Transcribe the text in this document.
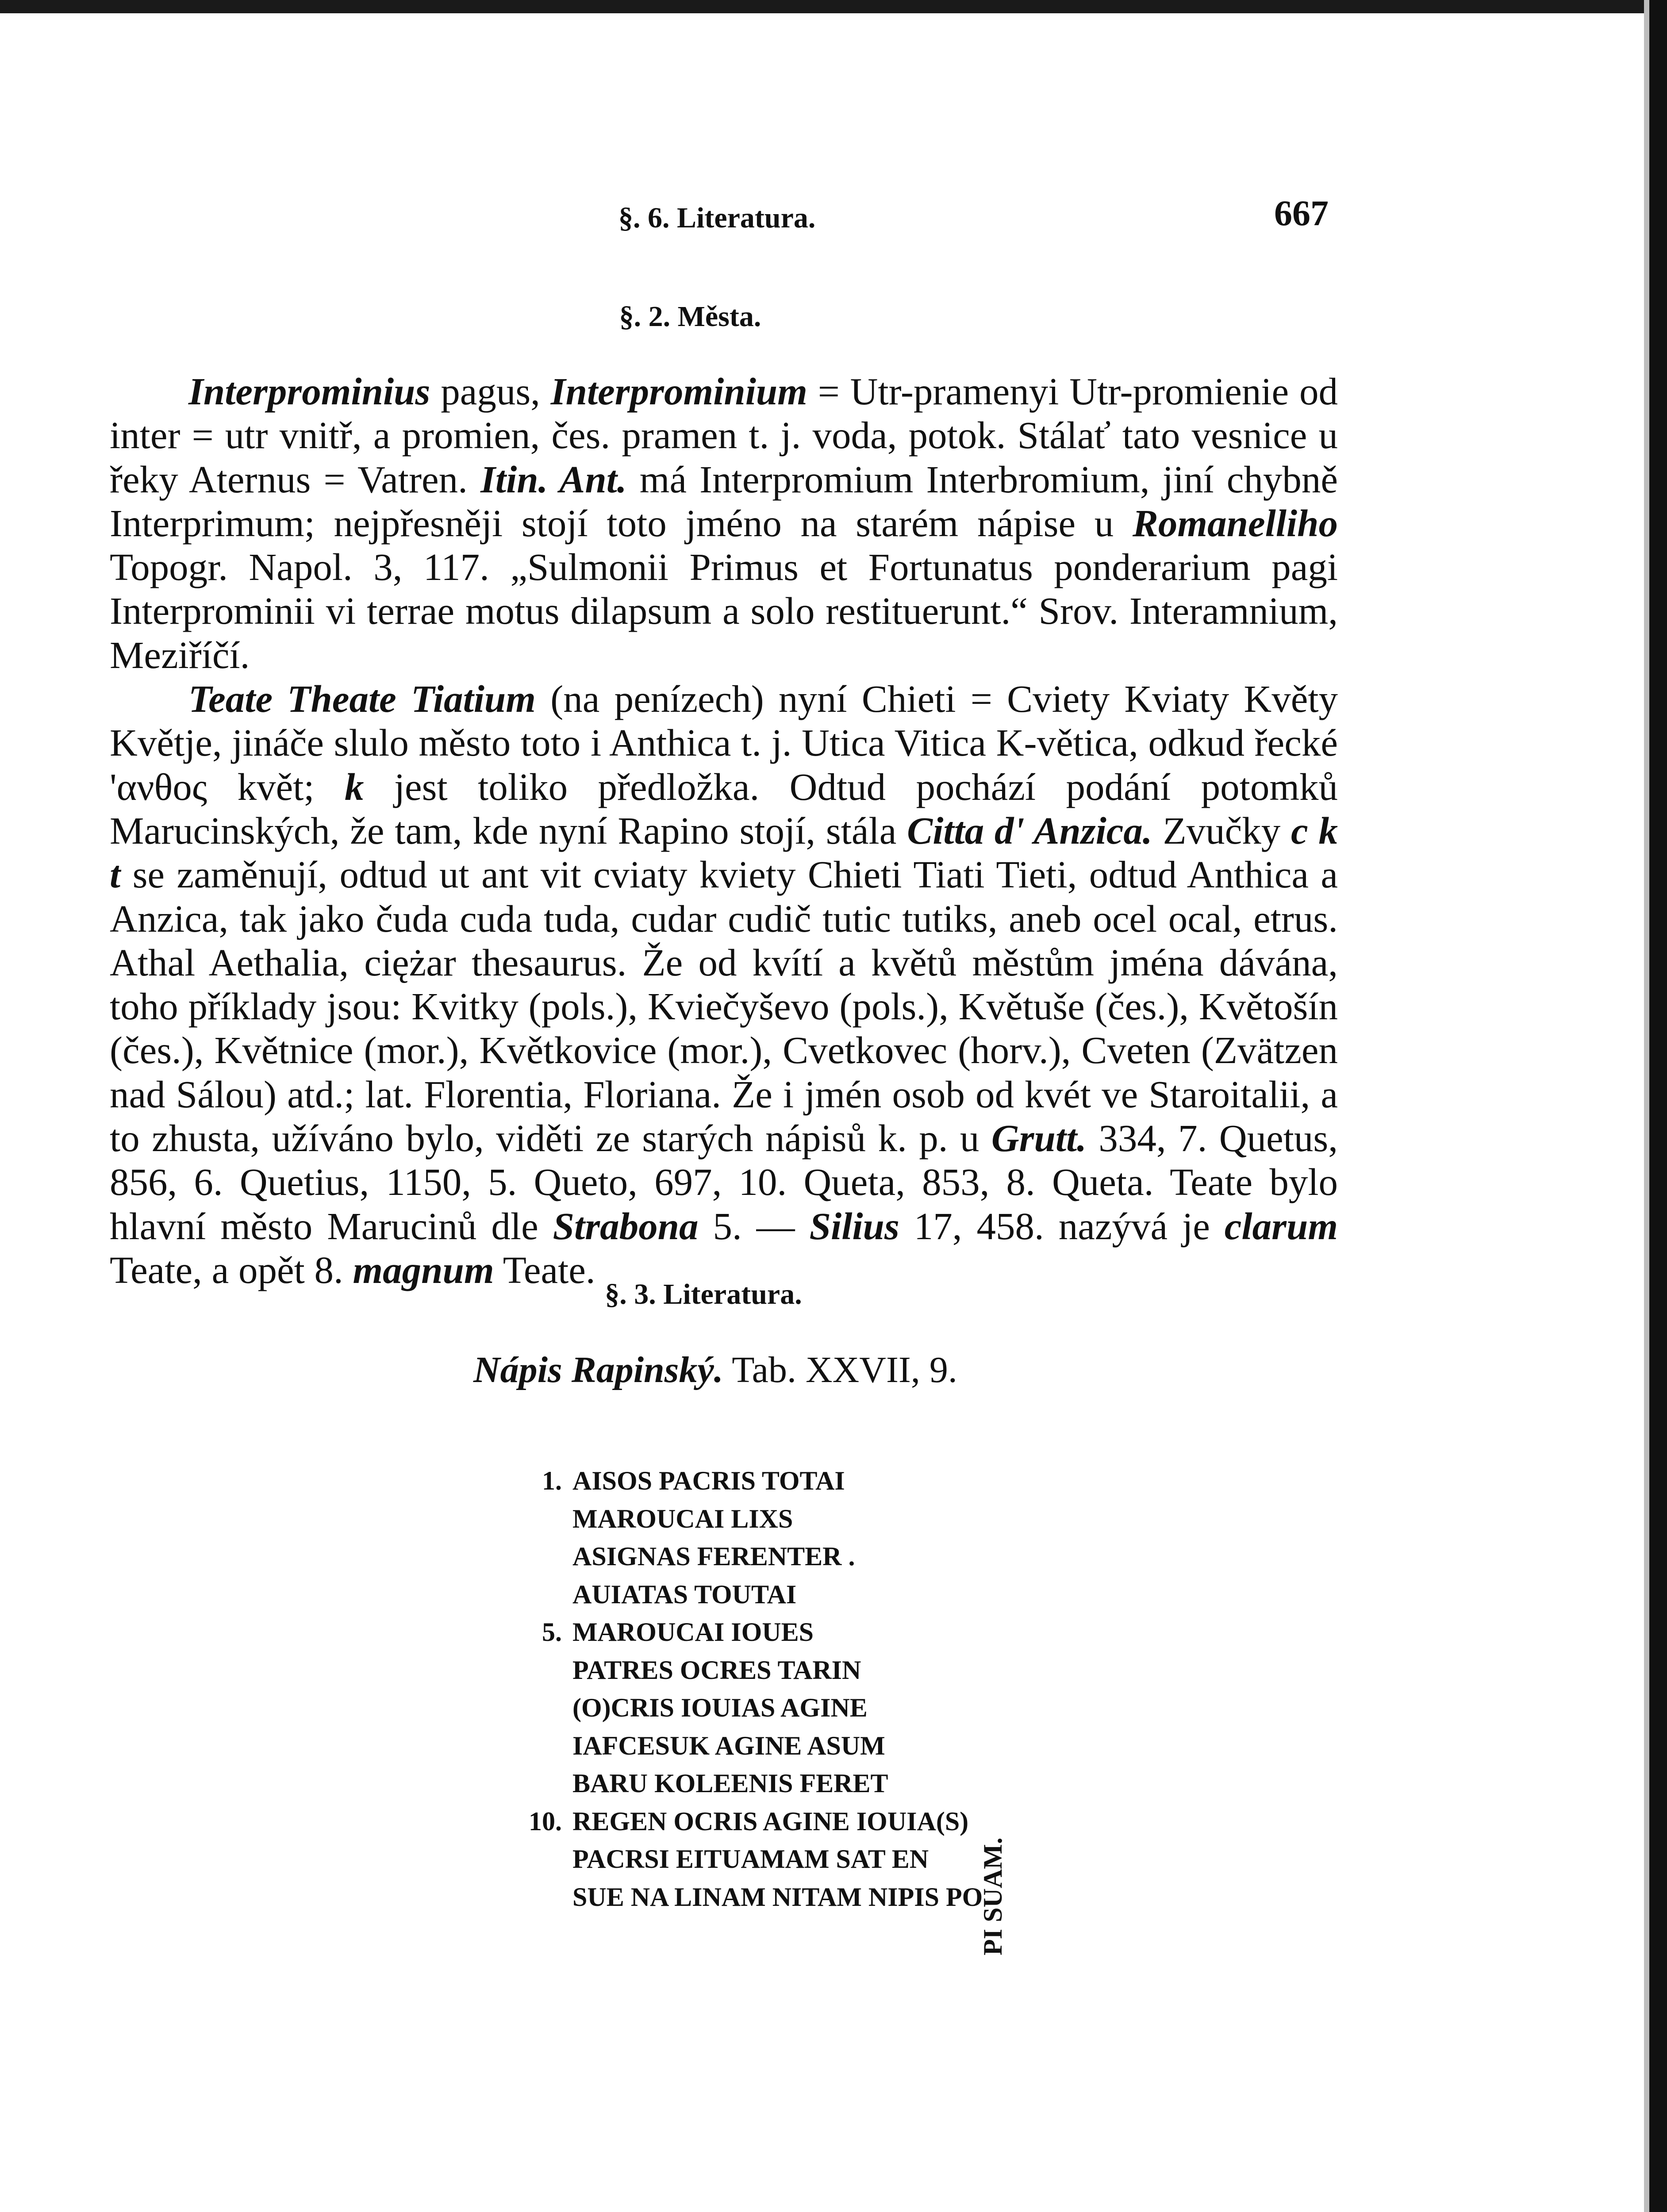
§. 6. Literatura.	667
§. 2. Města.

Interprominius pagus, Interprominium = Utr-pramenyi Utr-promienie od inter = utr vnitř, a promien, čes. pramen t. j. voda, potok. Stálať tato vesnice u řeky Aternus = Vatren. Itin. Ant. má Interpromium Interbromium, jiní chybně Interprimum; nejpřesněji stojí toto jméno na starém nápise u Romanelliho Topogr. Napol. 3, 117. „Sulmonii Primus et Fortunatus ponderarium pagi Interprominii vi terrae motus dilapsum a solo restituerunt.“ Srov. Interamnium, Meziříčí.

Teate Theate Tiatium (na penízech) nyní Chieti = Cviety Kviaty Květy Květje, jináče slulo město toto i Anthica t. j. Utica Vitica K-větica, odkud řecké 'ανθος květ; k jest toliko předložka. Odtud pochází podání potomků Marucinských, že tam, kde nyní Rapino stojí, stála Citta d' Anzica. Zvučky c k t se zaměnují, odtud ut ant vit cviaty kviety Chieti Tiati Tieti, odtud Anthica a Anzica, tak jako čuda cuda tuda, cudar cudič tutic tutiks, aneb ocel ocal, etrus. Athal Aethalia, ciężar thesaurus. Že od kvítí a květů městům jména dávána, toho příklady jsou: Kvitky (pols.), Kviečyševo (pols.), Květuše (čes.), Květošín (čes.), Květnice (mor.), Květkovice (mor.), Cvetkovec (horv.), Cveten (Zvätzen nad Sálou) atd.; lat. Florentia, Floriana. Že i jmén osob od kvét ve Staroitalii, a to zhusta, užíváno bylo, viděti ze starých nápisů k. p. u Grutt. 334, 7. Quetus, 856, 6. Quetius, 1150, 5. Queto, 697, 10. Queta, 853, 8. Queta. Teate bylo hlavní město Marucinů dle Strabona 5. — Silius 17, 458. nazývá je clarum Teate, a opět 8. magnum Teate.

§. 3. Literatura.
Nápis Rapinský. Tab. XXVII, 9.
1. AISOS PACRIS TOTAI
MAROUCAI LIXS
ASIGNAS FERENTER .
AUIATAS TOUTAI
5. MAROUCAI IOUES
PATRES OCRES TARIN
(O)CRIS IOUIAS AGINE
IAFCESUK AGINE ASUM
BARU KOLEENIS FERET
10. REGEN OCRIS AGINE IOUIA(S)
PACRSI EITUAMAM SAT EN
SUE NA LINAM NITAM NIPIS PO
PI SUAM.
